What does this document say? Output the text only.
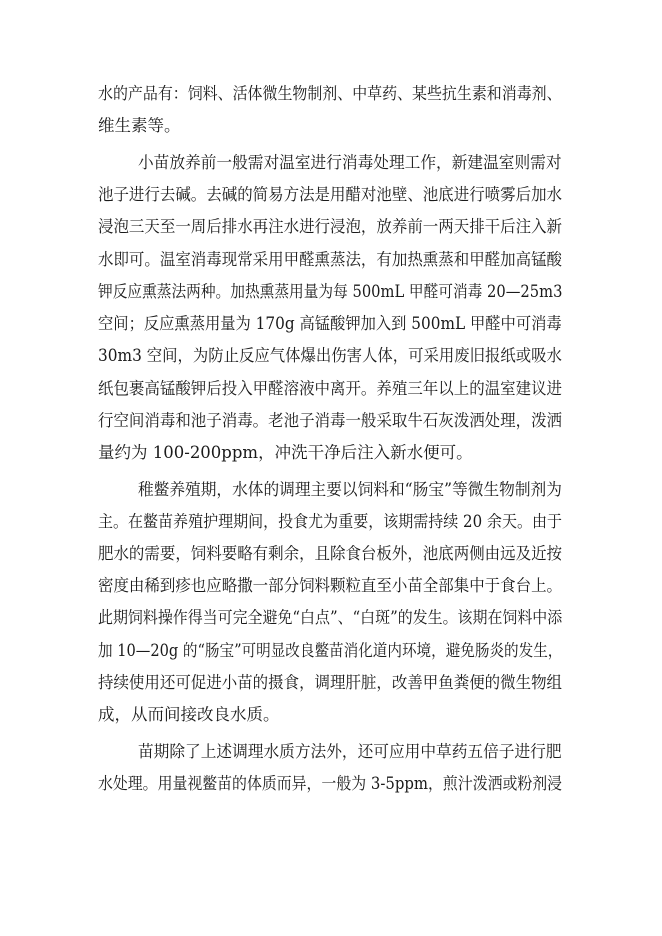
水的产品有：饲料、活体微生物制剂、中草药、某些抗生素和消毒剂、
维生素等。
小苗放养前一般需对温室进行消毒处理工作，新建温室则需对
池子进行去碱。去碱的简易方法是用醋对池壁、池底进行喷雾后加水
浸泡三天至一周后排水再注水进行浸泡，放养前一两天排干后注入新
水即可。温室消毒现常采用甲醛熏蒸法，有加热熏蒸和甲醛加高锰酸
钾反应熏蒸法两种。加热熏蒸用量为每 500mL 甲醛可消毒 20—25m3
空间；反应熏蒸用量为 170g 高锰酸钾加入到 500mL 甲醛中可消毒
30m3 空间，为防止反应气体爆出伤害人体，可采用废旧报纸或吸水
纸包裹高锰酸钾后投入甲醛溶液中离开。养殖三年以上的温室建议进
行空间消毒和池子消毒。老池子消毒一般采取牛石灰泼洒处理，泼洒
量约为 100-200ppm，冲洗干净后注入新水便可。
稚鳖养殖期，水体的调理主要以饲料和“肠宝”等微生物制剂为
主。在鳖苗养殖护理期间，投食尤为重要，该期需持续 20 余天。由于
肥水的需要，饲料要略有剩余，且除食台板外，池底两侧由远及近按
密度由稀到疹也应略撒一部分饲料颗粒直至小苗全部集中于食台上。
此期饲料操作得当可完全避免“白点”、“白斑”的发生。该期在饲料中添
加 10—20g 的“肠宝”可明显改良鳖苗消化道内环境，避免肠炎的发生，
持续使用还可促进小苗的摄食，调理肝脏，改善甲鱼粪便的微生物组
成，从而间接改良水质。
苗期除了上述调理水质方法外，还可应用中草药五倍子进行肥
水处理。用量视鳖苗的体质而异，一般为 3-5ppm，煎汁泼洒或粉剂浸
